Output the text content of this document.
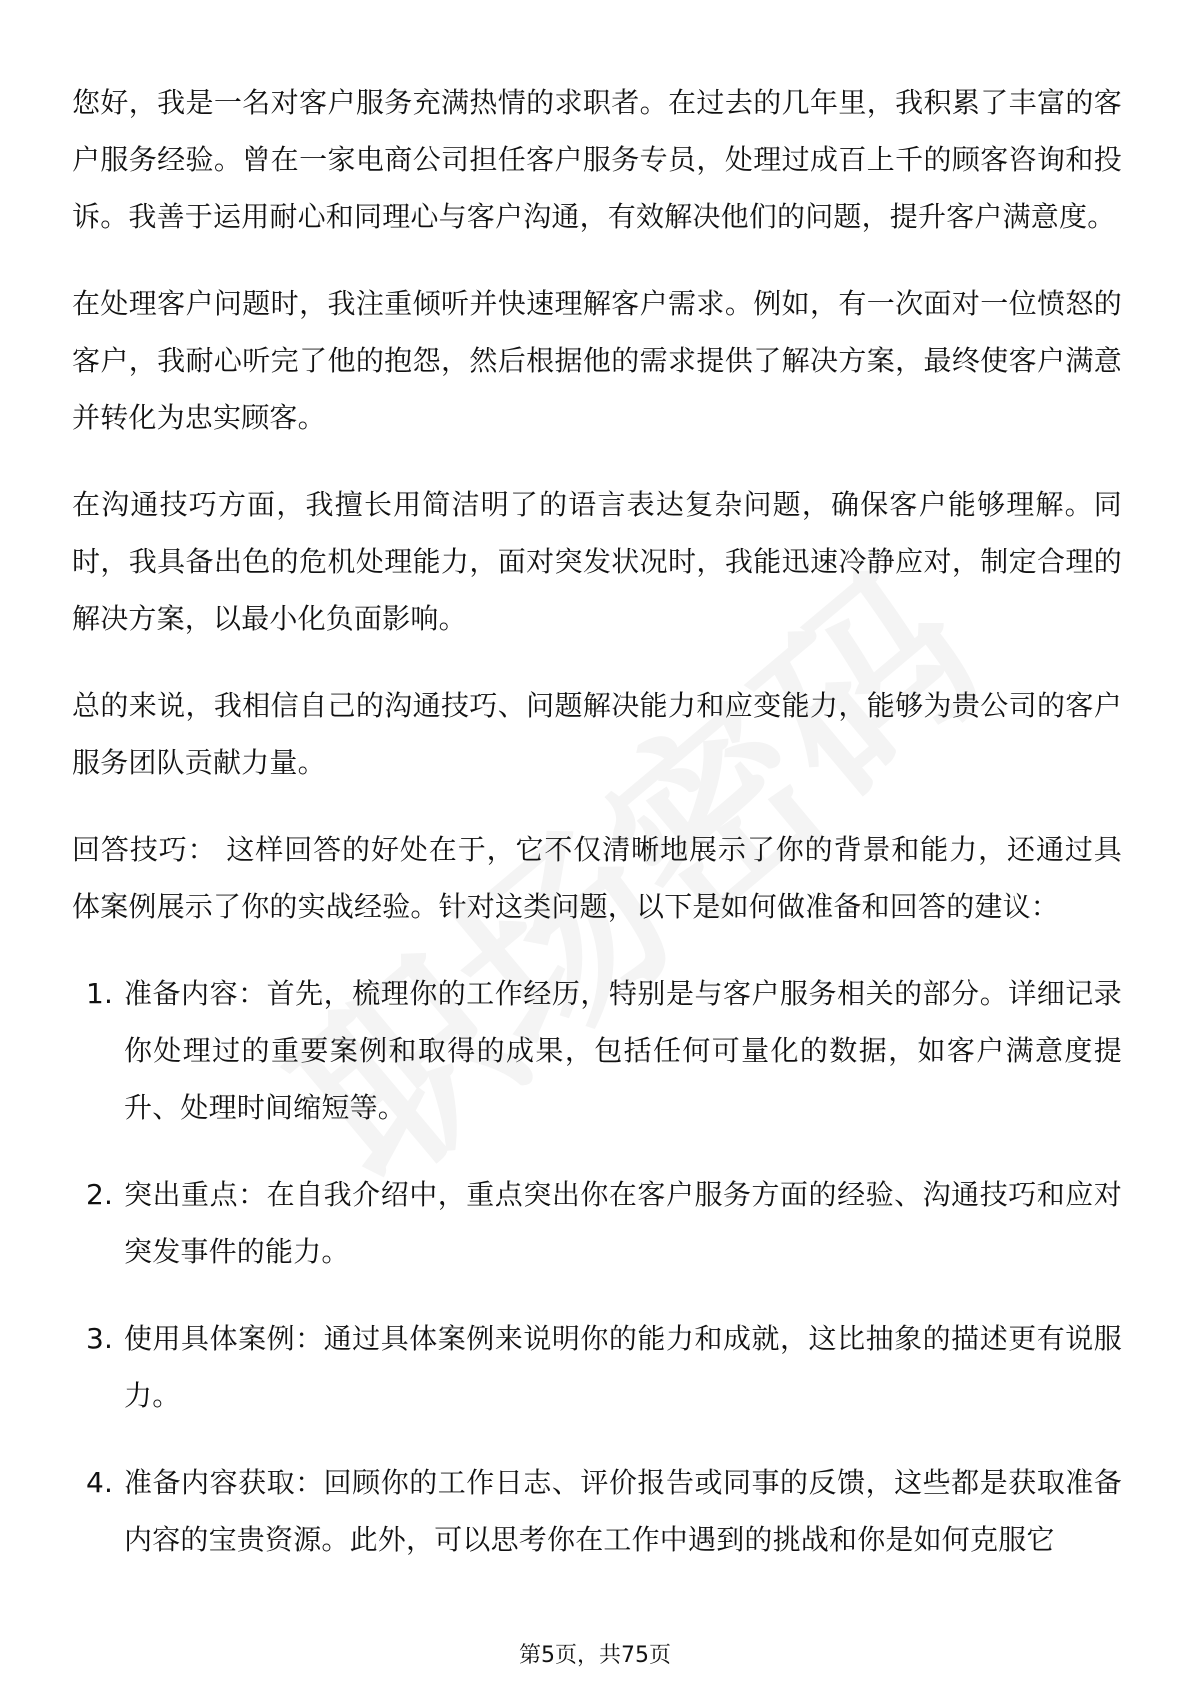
您好，我是一名对客户服务充满热情的求职者。在过去的几年里，我积累了丰富的客户服务经验。曾在一家电商公司担任客户服务专员，处理过成百上千的顾客咨询和投诉。我善于运用耐心和同理心与客户沟通，有效解决他们的问题，提升客户满意度。

在处理客户问题时，我注重倾听并快速理解客户需求。例如，有一次面对一位愤怒的客户，我耐心听完了他的抱怨，然后根据他的需求提供了解决方案，最终使客户满意并转化为忠实顾客。

在沟通技巧方面，我擅长用简洁明了的语言表达复杂问题，确保客户能够理解。同时，我具备出色的危机处理能力，面对突发状况时，我能迅速冷静应对，制定合理的解决方案，以最小化负面影响。

总的来说，我相信自己的沟通技巧、问题解决能力和应变能力，能够为贵公司的客户服务团队贡献力量。

回答技巧： 这样回答的好处在于，它不仅清晰地展示了你的背景和能力，还通过具体案例展示了你的实战经验。针对这类问题，以下是如何做准备和回答的建议：

1. 准备内容：首先，梳理你的工作经历，特别是与客户服务相关的部分。详细记录你处理过的重要案例和取得的成果，包括任何可量化的数据，如客户满意度提升、处理时间缩短等。
2. 突出重点：在自我介绍中，重点突出你在客户服务方面的经验、沟通技巧和应对突发事件的能力。
3. 使用具体案例：通过具体案例来说明你的能力和成就，这比抽象的描述更有说服力。
4. 准备内容获取：回顾你的工作日志、评价报告或同事的反馈，这些都是获取准备内容的宝贵资源。此外，可以思考你在工作中遇到的挑战和你是如何克服它
第5页，共75页
